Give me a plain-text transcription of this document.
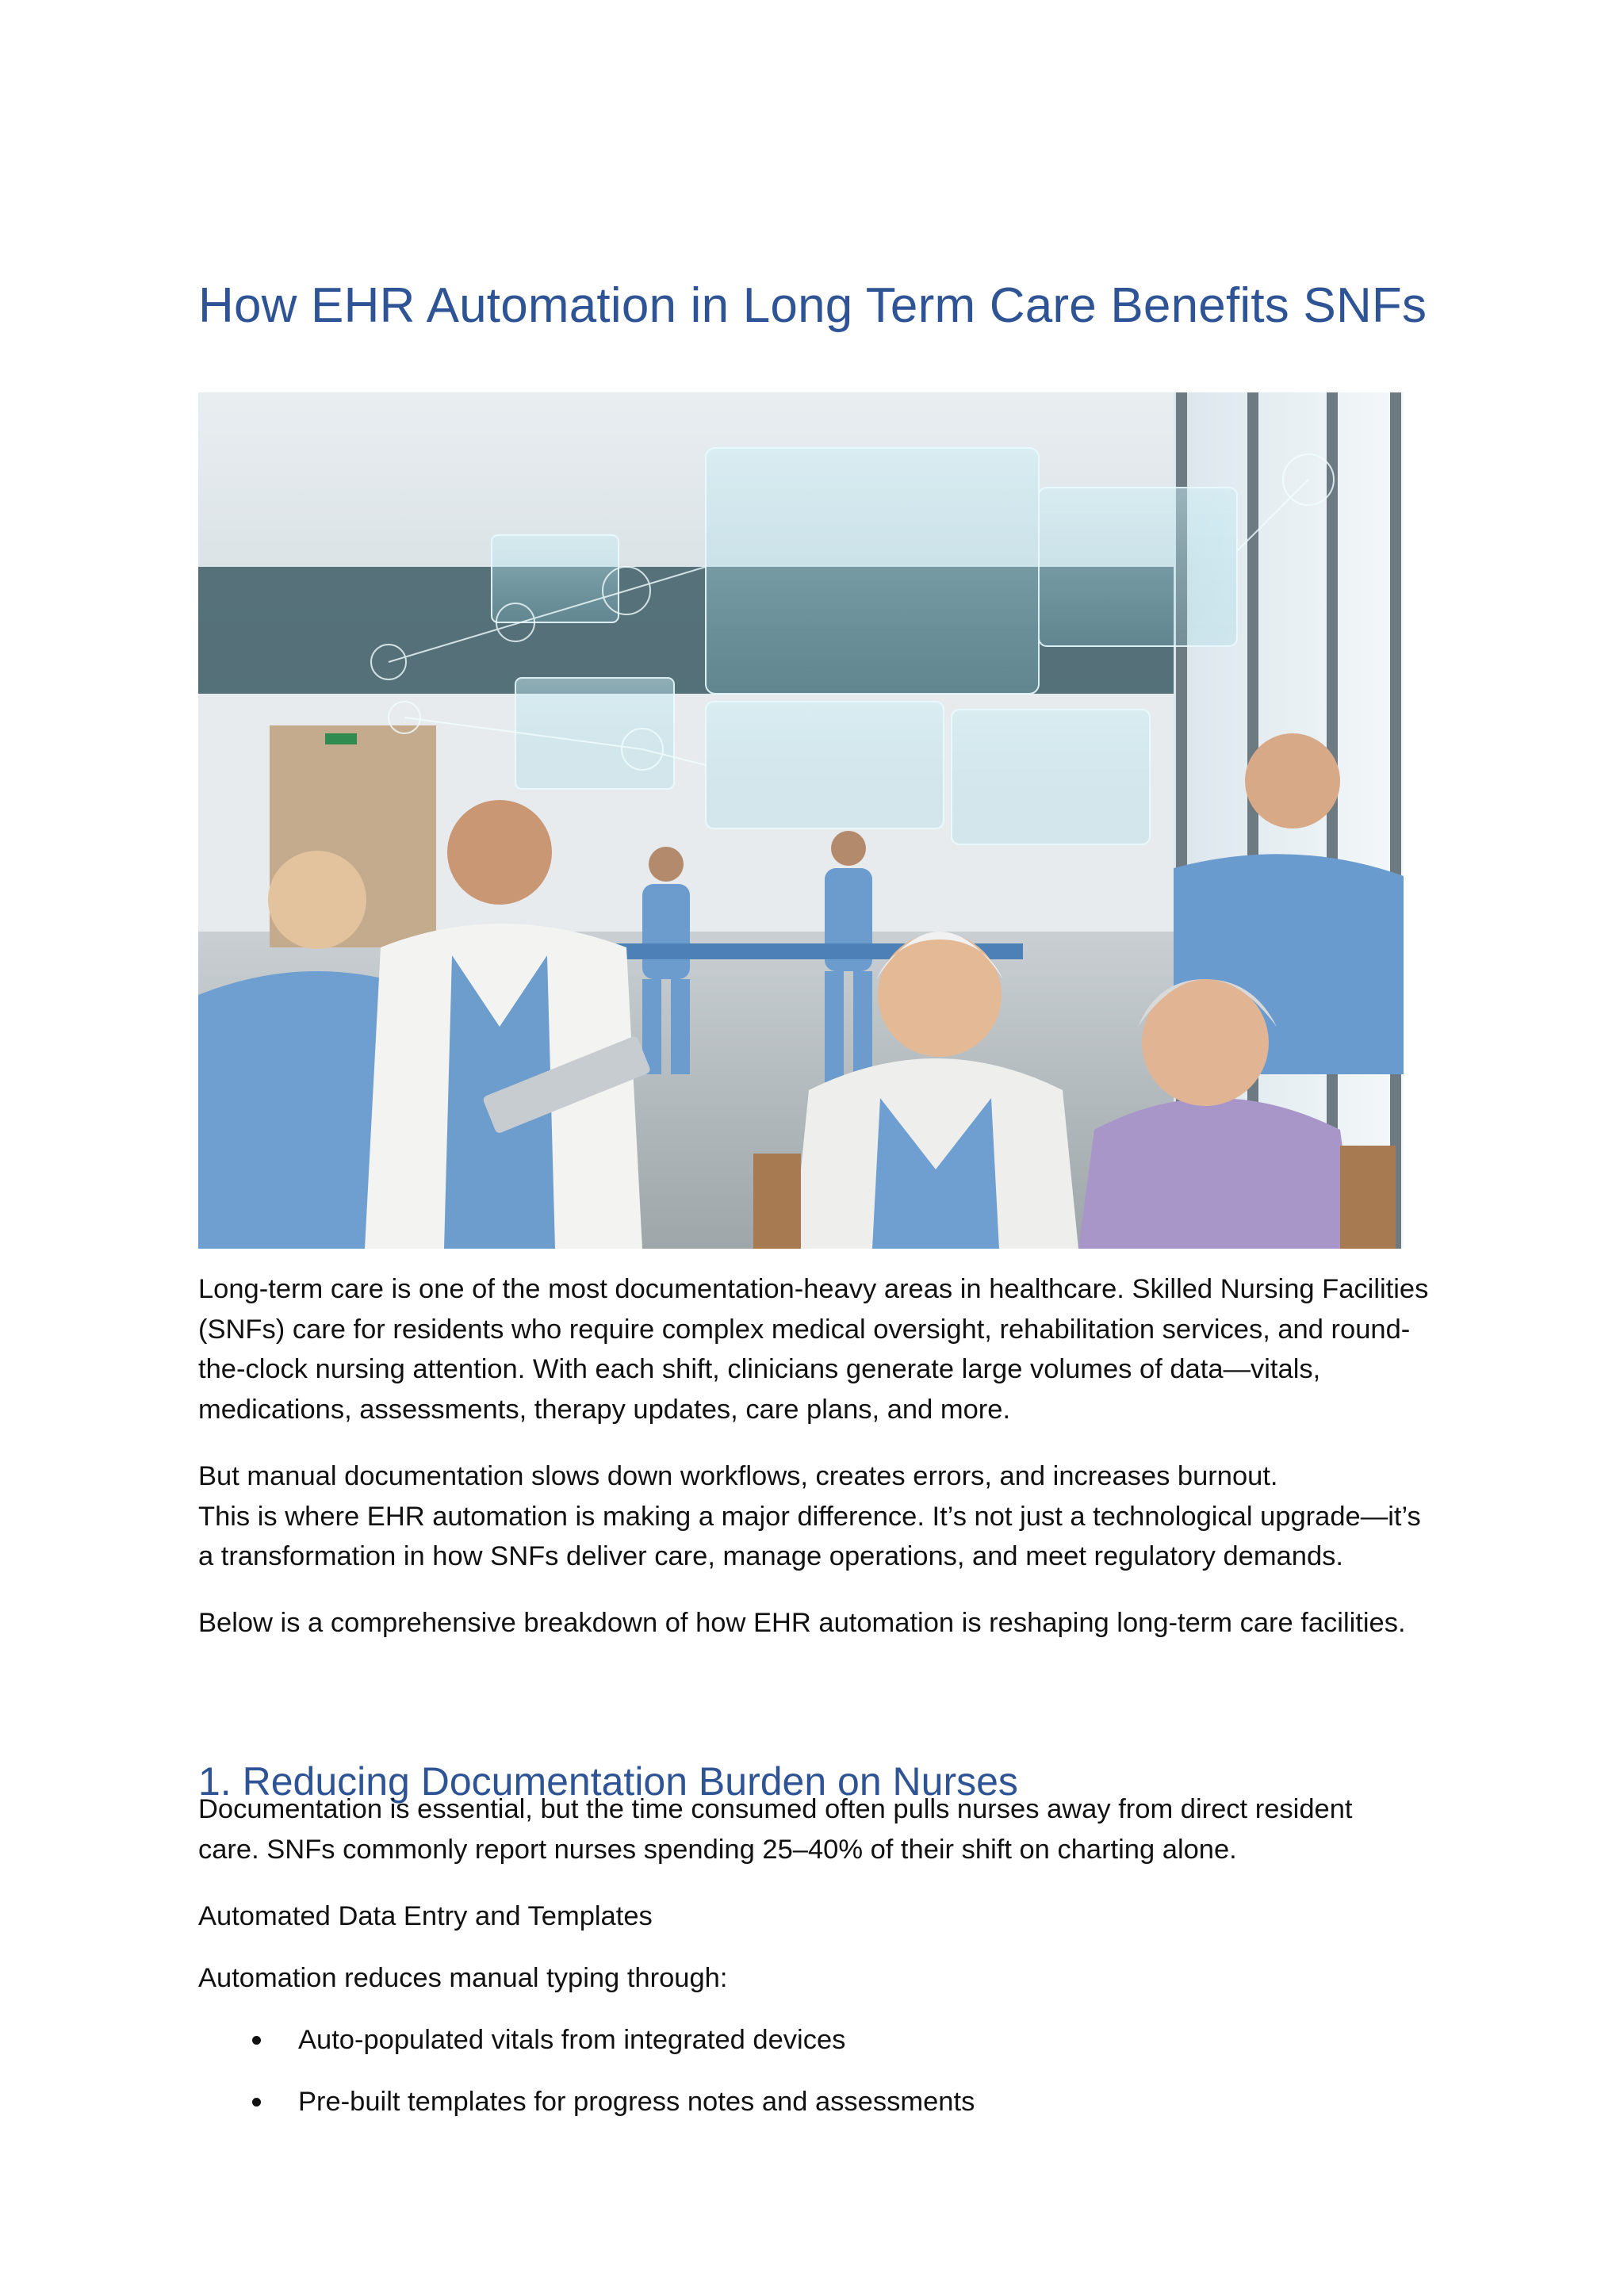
How EHR Automation in Long Term Care Benefits SNFs

Long-term care is one of the most documentation-heavy areas in healthcare. Skilled Nursing Facilities
(SNFs) care for residents who require complex medical oversight, rehabilitation services, and round-
the-clock nursing attention. With each shift, clinicians generate large volumes of data—vitals,
medications, assessments, therapy updates, care plans, and more.

But manual documentation slows down workflows, creates errors, and increases burnout.
This is where EHR automation is making a major difference. It’s not just a technological upgrade—it’s
a transformation in how SNFs deliver care, manage operations, and meet regulatory demands.

Below is a comprehensive breakdown of how EHR automation is reshaping long-term care facilities.

1. Reducing Documentation Burden on Nurses

Documentation is essential, but the time consumed often pulls nurses away from direct resident
care. SNFs commonly report nurses spending 25–40% of their shift on charting alone.

Automated Data Entry and Templates

Automation reduces manual typing through:

Auto-populated vitals from integrated devices
Pre-built templates for progress notes and assessments
